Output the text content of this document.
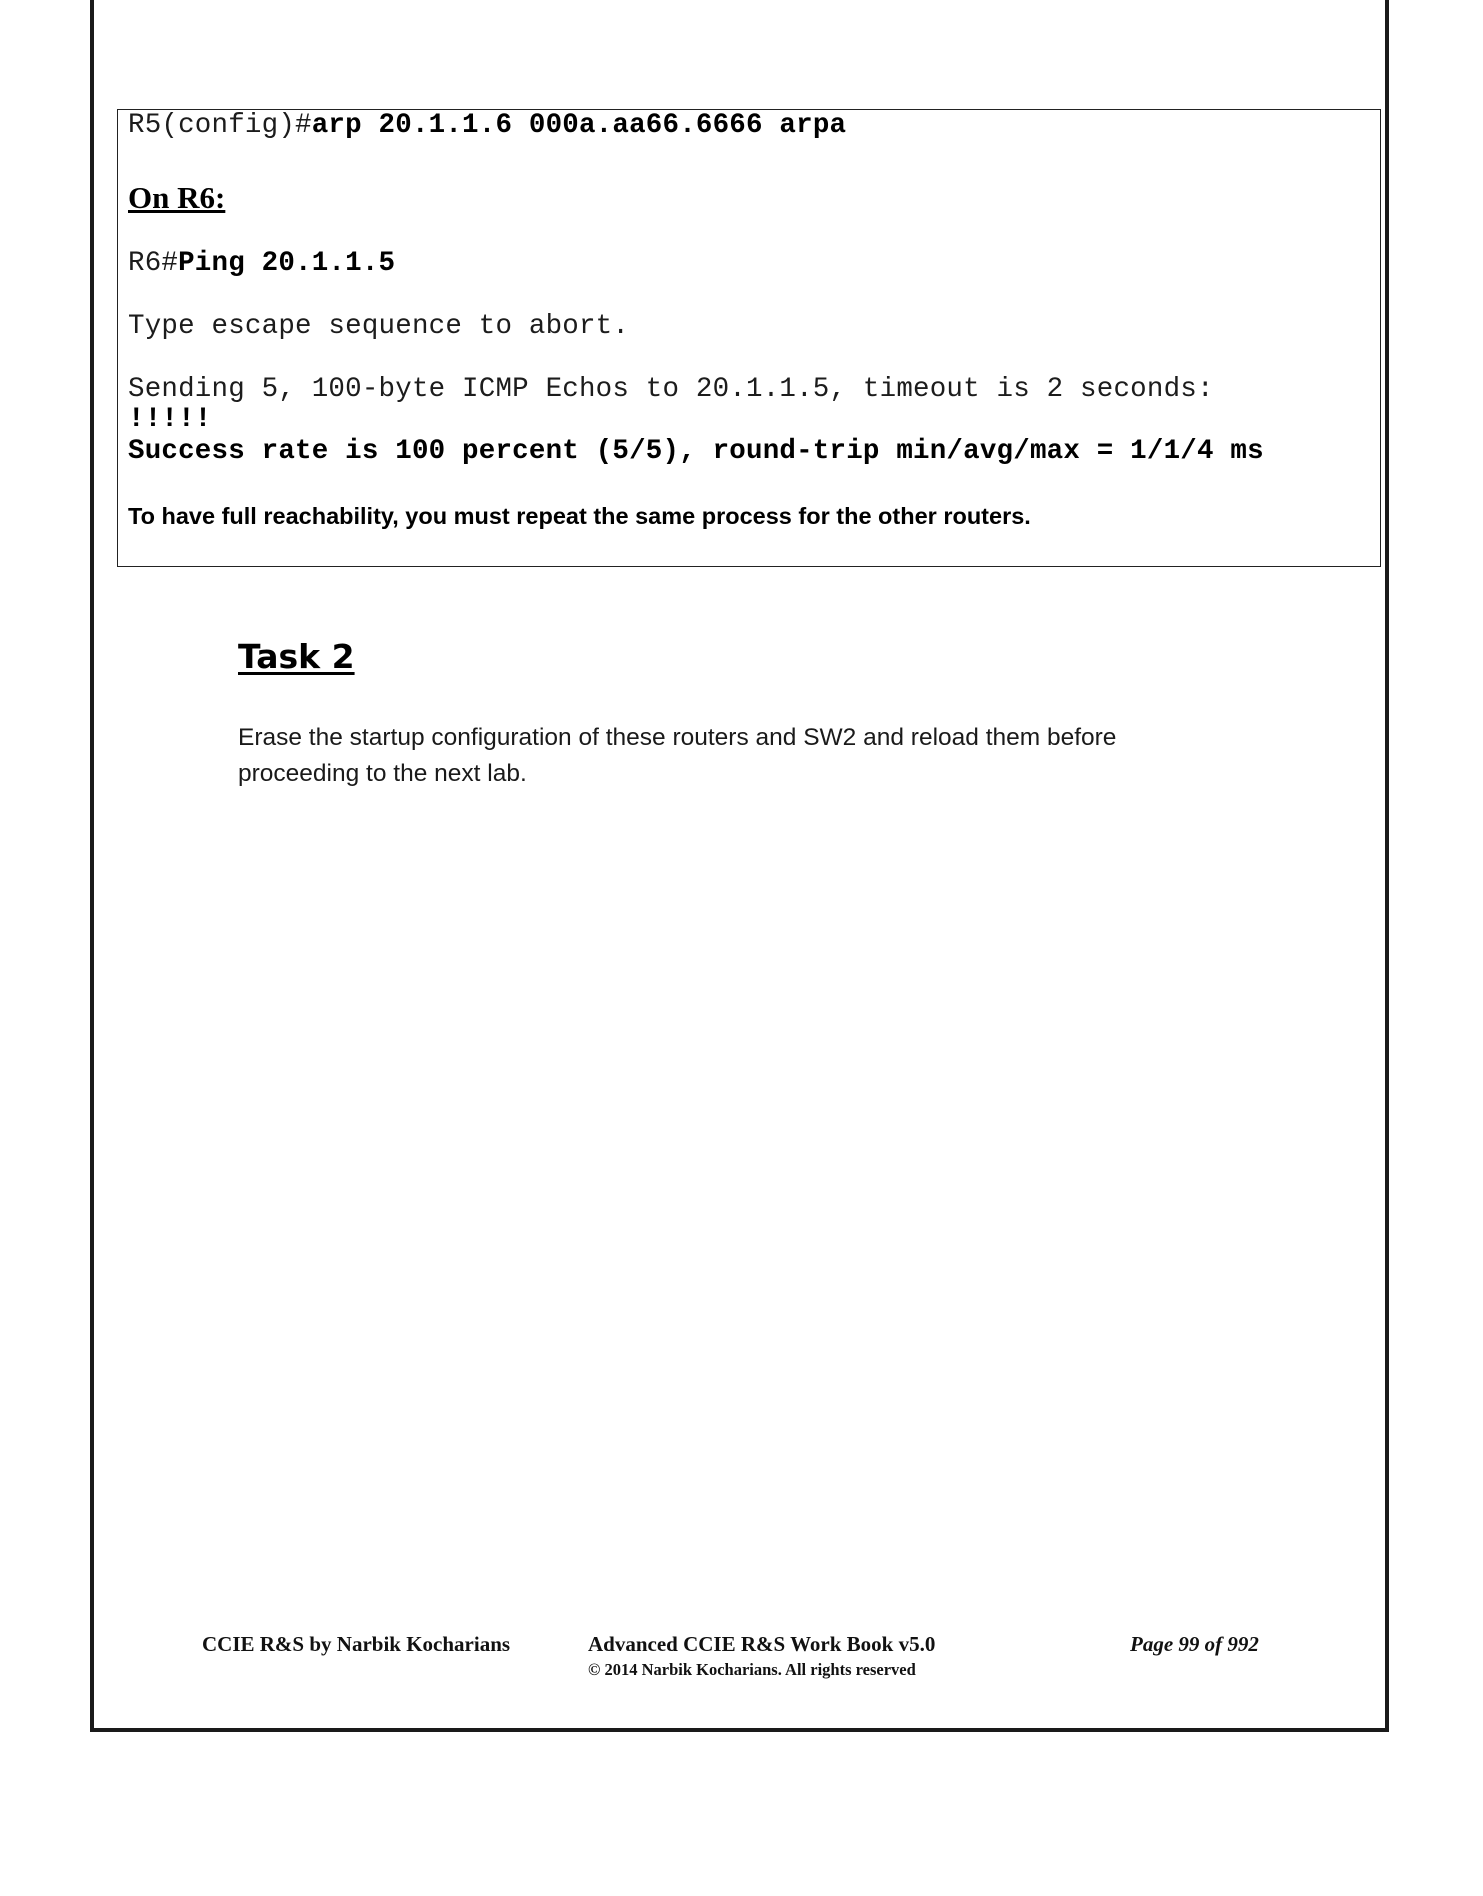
R5(config)#arp 20.1.1.6 000a.aa66.6666 arpa
On R6:
R6#Ping 20.1.1.5
Type escape sequence to abort.
Sending 5, 100-byte ICMP Echos to 20.1.1.5, timeout is 2 seconds:
!!!!!
Success rate is 100 percent (5/5), round-trip min/avg/max = 1/1/4 ms
To have full reachability, you must repeat the same process for the other routers.
Task 2
Erase the startup configuration of these routers and SW2 and reload them before proceeding to the next lab.
CCIE R&S by Narbik Kocharians	Advanced CCIE R&S Work Book v5.0
© 2014 Narbik Kocharians. All rights reserved
Page 99 of 992
